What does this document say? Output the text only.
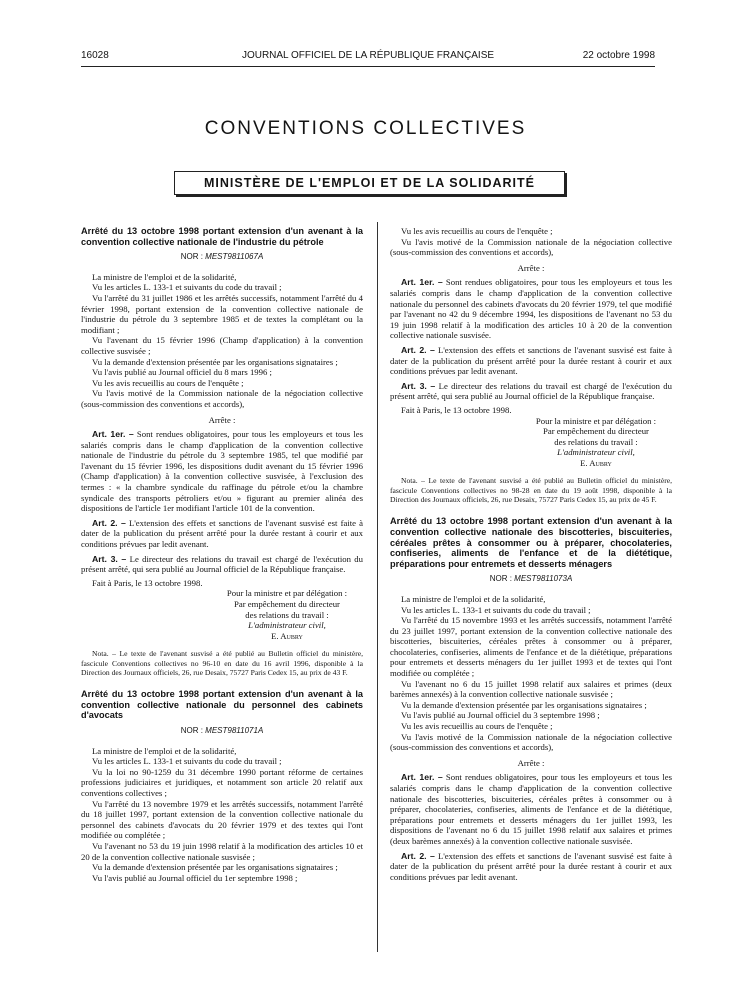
16028	JOURNAL OFFICIEL DE LA RÉPUBLIQUE FRANÇAISE	22 octobre 1998
CONVENTIONS COLLECTIVES
MINISTÈRE DE L'EMPLOI ET DE LA SOLIDARITÉ

Arrêté du 13 octobre 1998 portant extension d'un avenant à la convention collective nationale de l'industrie du pétrole

NOR : MEST9811067A

La ministre de l'emploi et de la solidarité,

Vu les articles L. 133-1 et suivants du code du travail ;

Vu l'arrêté du 31 juillet 1986 et les arrêtés successifs, notamment l'arrêté du 4 février 1998, portant extension de la convention collective nationale de l'industrie du pétrole du 3 septembre 1985 et de textes la complétant ou la modifiant ;

Vu l'avenant du 15 février 1996 (Champ d'application) à la convention collective susvisée ;

Vu la demande d'extension présentée par les organisations signataires ;

Vu l'avis publié au Journal officiel du 8 mars 1996 ;

Vu les avis recueillis au cours de l'enquête ;

Vu l'avis motivé de la Commission nationale de la négociation collective (sous-commission des conventions et accords),

Arrête :

Art. 1er. – Sont rendues obligatoires, pour tous les employeurs et tous les salariés compris dans le champ d'application de la convention collective nationale de l'industrie du pétrole du 3 septembre 1985, tel que modifié par l'avenant du 15 février 1996, les dispositions dudit avenant du 15 février 1996 (Champ d'application) à la convention collective susvisée, à l'exclusion des termes : « la chambre syndicale du raffinage du pétrole et/ou la chambre syndicale des transports pétroliers et/ou » figurant au premier alinéa des dispositions de l'article 1er modifiant l'article 101 de la convention.

Art. 2. – L'extension des effets et sanctions de l'avenant susvisé est faite à dater de la publication du présent arrêté pour la durée restant à courir et aux conditions prévues par ledit avenant.

Art. 3. – Le directeur des relations du travail est chargé de l'exécution du présent arrêté, qui sera publié au Journal officiel de la République française.

Fait à Paris, le 13 octobre 1998.

Pour la ministre et par délégation :

Par empêchement du directeur

des relations du travail :

L'administrateur civil,

E. Aubry

Nota. – Le texte de l'avenant susvisé a été publié au Bulletin officiel du ministère, fascicule Conventions collectives no 96-10 en date du 16 avril 1996, disponible à la Direction des Journaux officiels, 26, rue Desaix, 75727 Paris Cedex 15, au prix de 43 F.

Arrêté du 13 octobre 1998 portant extension d'un avenant à la convention collective nationale du personnel des cabinets d'avocats

NOR : MEST9811071A

La ministre de l'emploi et de la solidarité,

Vu les articles L. 133-1 et suivants du code du travail ;

Vu la loi no 90-1259 du 31 décembre 1990 portant réforme de certaines professions judiciaires et juridiques, et notamment son article 20 relatif aux conventions collectives ;

Vu l'arrêté du 13 novembre 1979 et les arrêtés successifs, notamment l'arrêté du 18 juillet 1997, portant extension de la convention collective nationale du personnel des cabinets d'avocats du 20 février 1979 et des textes qui l'ont modifiée ou complétée ;

Vu l'avenant no 53 du 19 juin 1998 relatif à la modification des articles 10 et 20 de la convention collective nationale susvisée ;

Vu la demande d'extension présentée par les organisations signataires ;

Vu l'avis publié au Journal officiel du 1er septembre 1998 ;

Vu les avis recueillis au cours de l'enquête ;

Vu l'avis motivé de la Commission nationale de la négociation collective (sous-commission des conventions et accords),

Arrête :

Art. 1er. – Sont rendues obligatoires, pour tous les employeurs et tous les salariés compris dans le champ d'application de la convention collective nationale du personnel des cabinets d'avocats du 20 février 1979, tel que modifié par l'avenant no 42 du 9 décembre 1994, les dispositions de l'avenant no 53 du 19 juin 1998 relatif à la modification des articles 10 à 20 de la convention collective nationale susvisée.

Art. 2. – L'extension des effets et sanctions de l'avenant susvisé est faite à dater de la publication du présent arrêté pour la durée restant à courir et aux conditions prévues par ledit avenant.

Art. 3. – Le directeur des relations du travail est chargé de l'exécution du présent arrêté, qui sera publié au Journal officiel de la République française.

Fait à Paris, le 13 octobre 1998.

Pour la ministre et par délégation :

Par empêchement du directeur

des relations du travail :

L'administrateur civil,

E. Aubry

Nota. – Le texte de l'avenant susvisé a été publié au Bulletin officiel du ministère, fascicule Conventions collectives no 98-28 en date du 19 août 1998, disponible à la Direction des Journaux officiels, 26, rue Desaix, 75727 Paris Cedex 15, au prix de 45 F.

Arrêté du 13 octobre 1998 portant extension d'un avenant à la convention collective nationale des biscotteries, biscuiteries, céréales prêtes à consommer ou à préparer, chocolateries, confiseries, aliments de l'enfance et de la diététique, préparations pour entremets et desserts ménagers

NOR : MEST9811073A

La ministre de l'emploi et de la solidarité,

Vu les articles L. 133-1 et suivants du code du travail ;

Vu l'arrêté du 15 novembre 1993 et les arrêtés successifs, notamment l'arrêté du 23 juillet 1997, portant extension de la convention collective nationale des biscotteries, biscuiteries, céréales prêtes à consommer ou à préparer, chocolateries, confiseries, aliments de l'enfance et de la diététique, préparations pour entremets et desserts ménagers du 1er juillet 1993 et de textes qui l'ont modifiée ou complétée ;

Vu l'avenant no 6 du 15 juillet 1998 relatif aux salaires et primes (deux barèmes annexés) à la convention collective nationale susvisée ;

Vu la demande d'extension présentée par les organisations signataires ;

Vu l'avis publié au Journal officiel du 3 septembre 1998 ;

Vu les avis recueillis au cours de l'enquête ;

Vu l'avis motivé de la Commission nationale de la négociation collective (sous-commission des conventions et accords),

Arrête :

Art. 1er. – Sont rendues obligatoires, pour tous les employeurs et tous les salariés compris dans le champ d'application de la convention collective nationale des biscotteries, biscuiteries, céréales prêtes à consommer ou à préparer, chocolateries, confiseries, aliments de l'enfance et de la diététique, préparations pour entremets et desserts ménagers du 1er juillet 1993, les dispositions de l'avenant no 6 du 15 juillet 1998 relatif aux salaires et primes (deux barèmes annexés) à la convention collective nationale susvisée.

Art. 2. – L'extension des effets et sanctions de l'avenant susvisé est faite à dater de la publication du présent arrêté pour la durée restant à courir et aux conditions prévues par ledit avenant.
